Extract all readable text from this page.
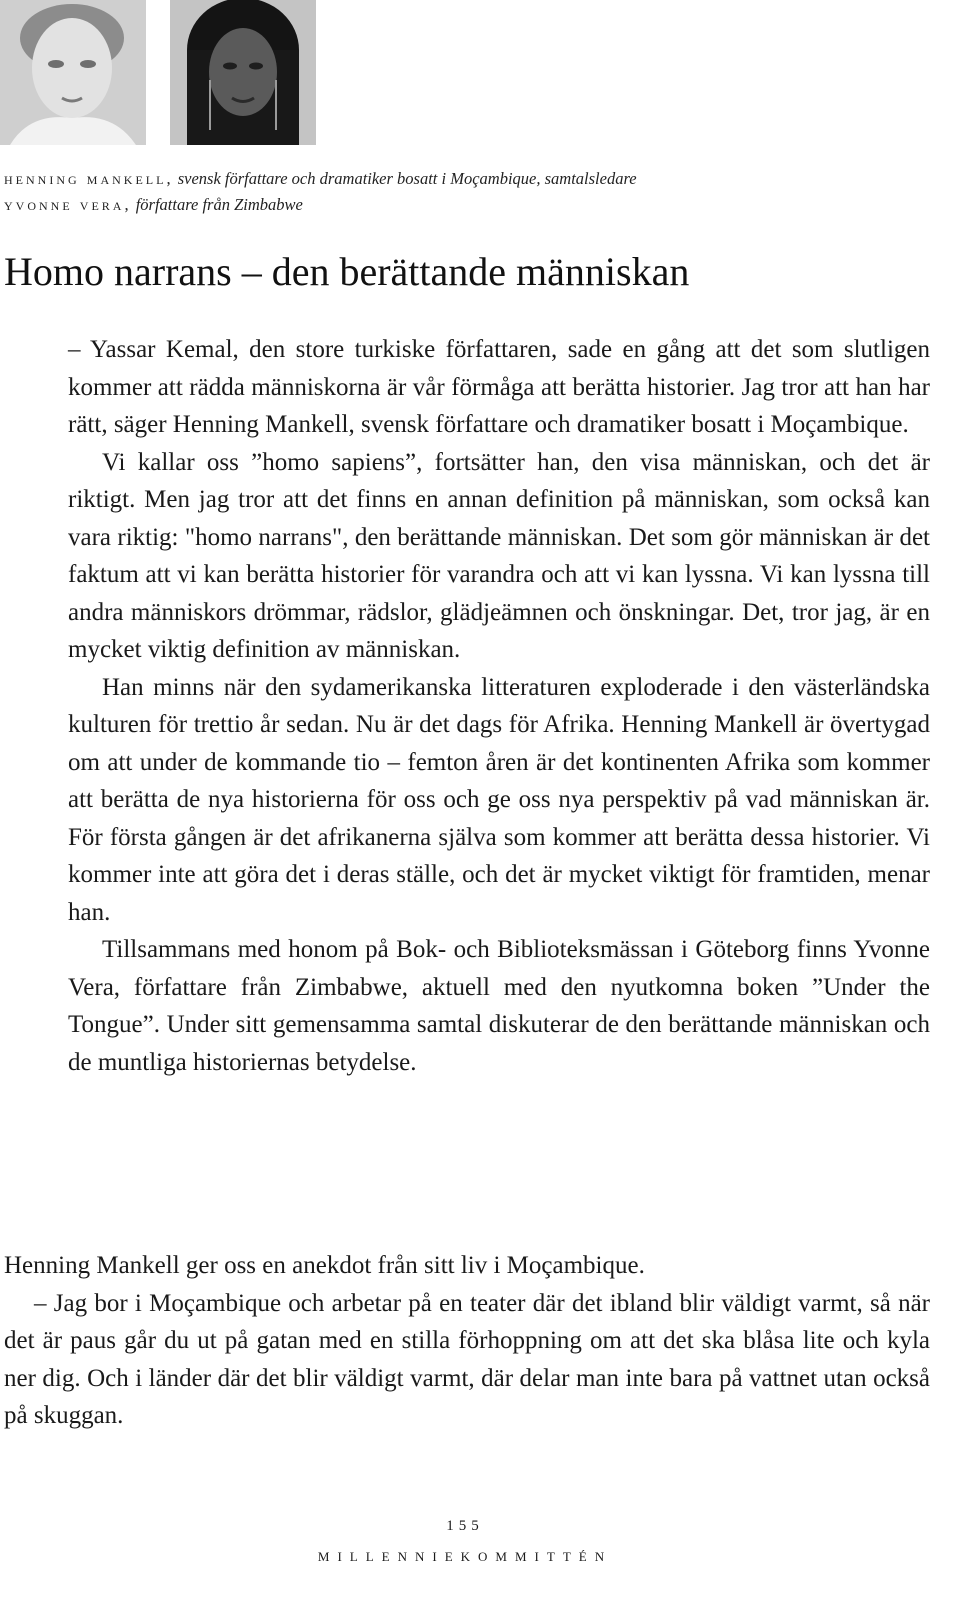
henning mankell, svensk författare och dramatiker bosatt i Moçambique, samtalsledare
yvonne vera, författare från Zimbabwe
Homo narrans – den berättande människan

– Yassar Kemal, den store turkiske författaren, sade en gång att det som slutligen kommer att rädda människorna är vår förmåga att berätta historier. Jag tror att han har rätt, säger Henning Mankell, svensk författare och dramatiker bosatt i Moçambique.

Vi kallar oss ”homo sapiens”, fortsätter han, den visa människan, och det är riktigt. Men jag tror att det finns en annan definition på människan, som också kan vara riktig: "homo narrans", den berättande människan. Det som gör människan är det faktum att vi kan berätta historier för varandra och att vi kan lyssna. Vi kan lyssna till andra människors drömmar, rädslor, glädjeämnen och önskningar. Det, tror jag, är en mycket viktig definition av människan.

Han minns när den sydamerikanska litteraturen exploderade i den västerländska kulturen för trettio år sedan. Nu är det dags för Afrika. Henning Mankell är övertygad om att under de kommande tio – femton åren är det kontinenten Afrika som kommer att berätta de nya historierna för oss och ge oss nya perspektiv på vad människan är. För första gången är det afrikanerna själva som kommer att berätta dessa historier. Vi kommer inte att göra det i deras ställe, och det är mycket viktigt för framtiden, menar han.

Tillsammans med honom på Bok- och Biblioteksmässan i Göteborg finns Yvonne Vera, författare från Zimbabwe, aktuell med den nyutkomna boken ”Under the Tongue”. Under sitt gemensamma samtal diskuterar de den berättande människan och de muntliga historiernas betydelse.

Henning Mankell ger oss en anekdot från sitt liv i Moçambique.

– Jag bor i Moçambique och arbetar på en teater där det ibland blir väldigt varmt, så när det är paus går du ut på gatan med en stilla förhoppning om att det ska blåsa lite och kyla ner dig. Och i länder där det blir väldigt varmt, där delar man inte bara på vattnet utan också på skuggan.

155
MILLENNIEKOMMITTÉN
